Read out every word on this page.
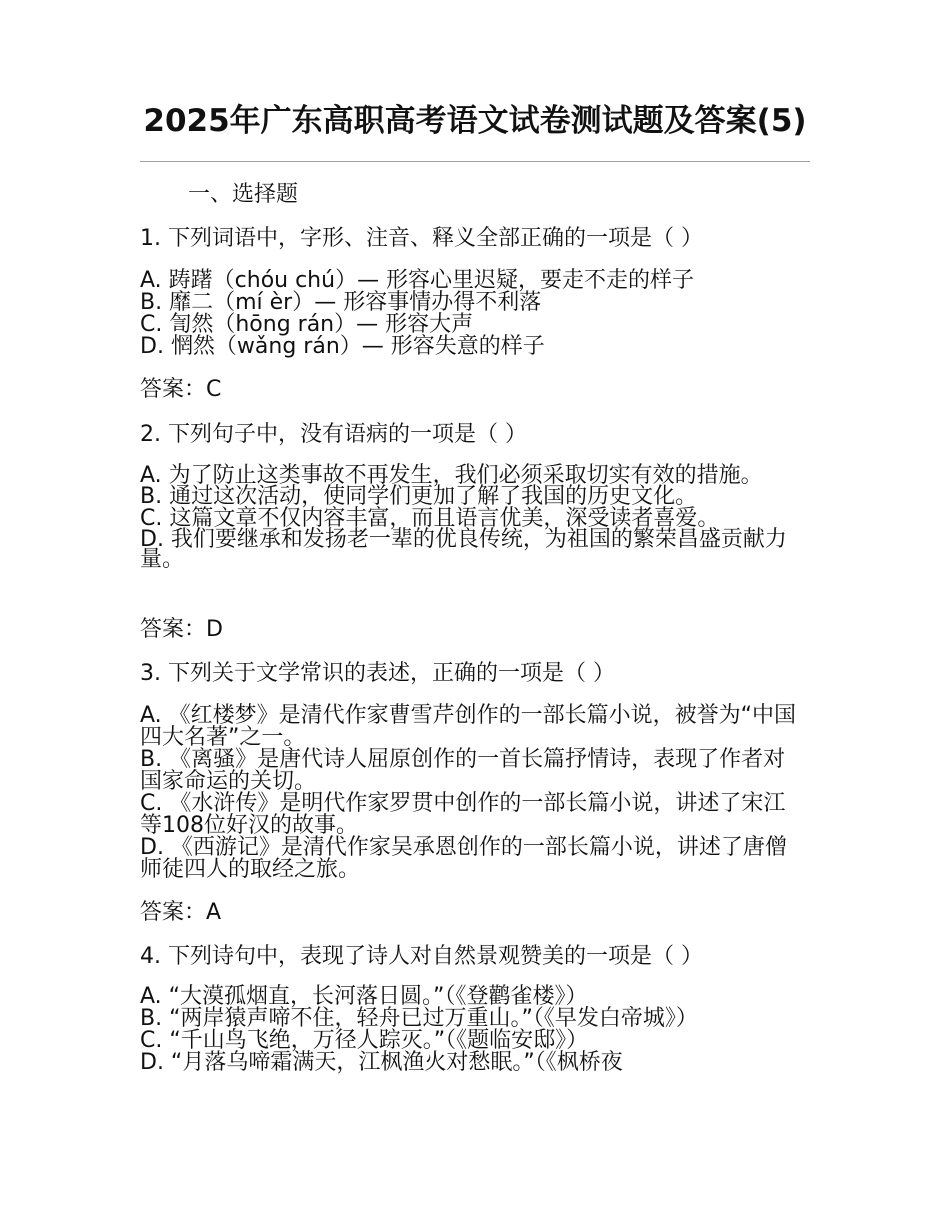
2025年广东高职高考语文试卷测试题及答案(5)
一、选择题
1. 下列词语中，字形、注音、释义全部正确的一项是（ ）
A. 踌躇（chóu chú）— 形容心里迟疑，要走不走的样子
B. 靡二（mí èr）— 形容事情办得不利落
C. 訇然（hōng rán）— 形容大声
D. 惘然（wǎng rán）— 形容失意的样子
答案：C
2. 下列句子中，没有语病的一项是（ ）
A. 为了防止这类事故不再发生，我们必须采取切实有效的措施。
B. 通过这次活动，使同学们更加了解了我国的历史文化。
C. 这篇文章不仅内容丰富，而且语言优美，深受读者喜爱。
D. 我们要继承和发扬老一辈的优良传统，为祖国的繁荣昌盛贡献力量。
答案：D
3. 下列关于文学常识的表述，正确的一项是（ ）
A. 《红楼梦》是清代作家曹雪芹创作的一部长篇小说，被誉为“中国四大名著”之一。
B. 《离骚》是唐代诗人屈原创作的一首长篇抒情诗，表现了作者对国家命运的关切。
C. 《水浒传》是明代作家罗贯中创作的一部长篇小说，讲述了宋江等108位好汉的故事。
D. 《西游记》是清代作家吴承恩创作的一部长篇小说，讲述了唐僧师徒四人的取经之旅。
答案：A
4. 下列诗句中，表现了诗人对自然景观赞美的一项是（ ）
A. “大漠孤烟直，长河落日圆。”（《登鹳雀楼》）
B. “两岸猿声啼不住，轻舟已过万重山。”（《早发白帝城》）
C. “千山鸟飞绝，万径人踪灭。”（《题临安邸》）
D. “月落乌啼霜满天，江枫渔火对愁眠。”（《枫桥夜
